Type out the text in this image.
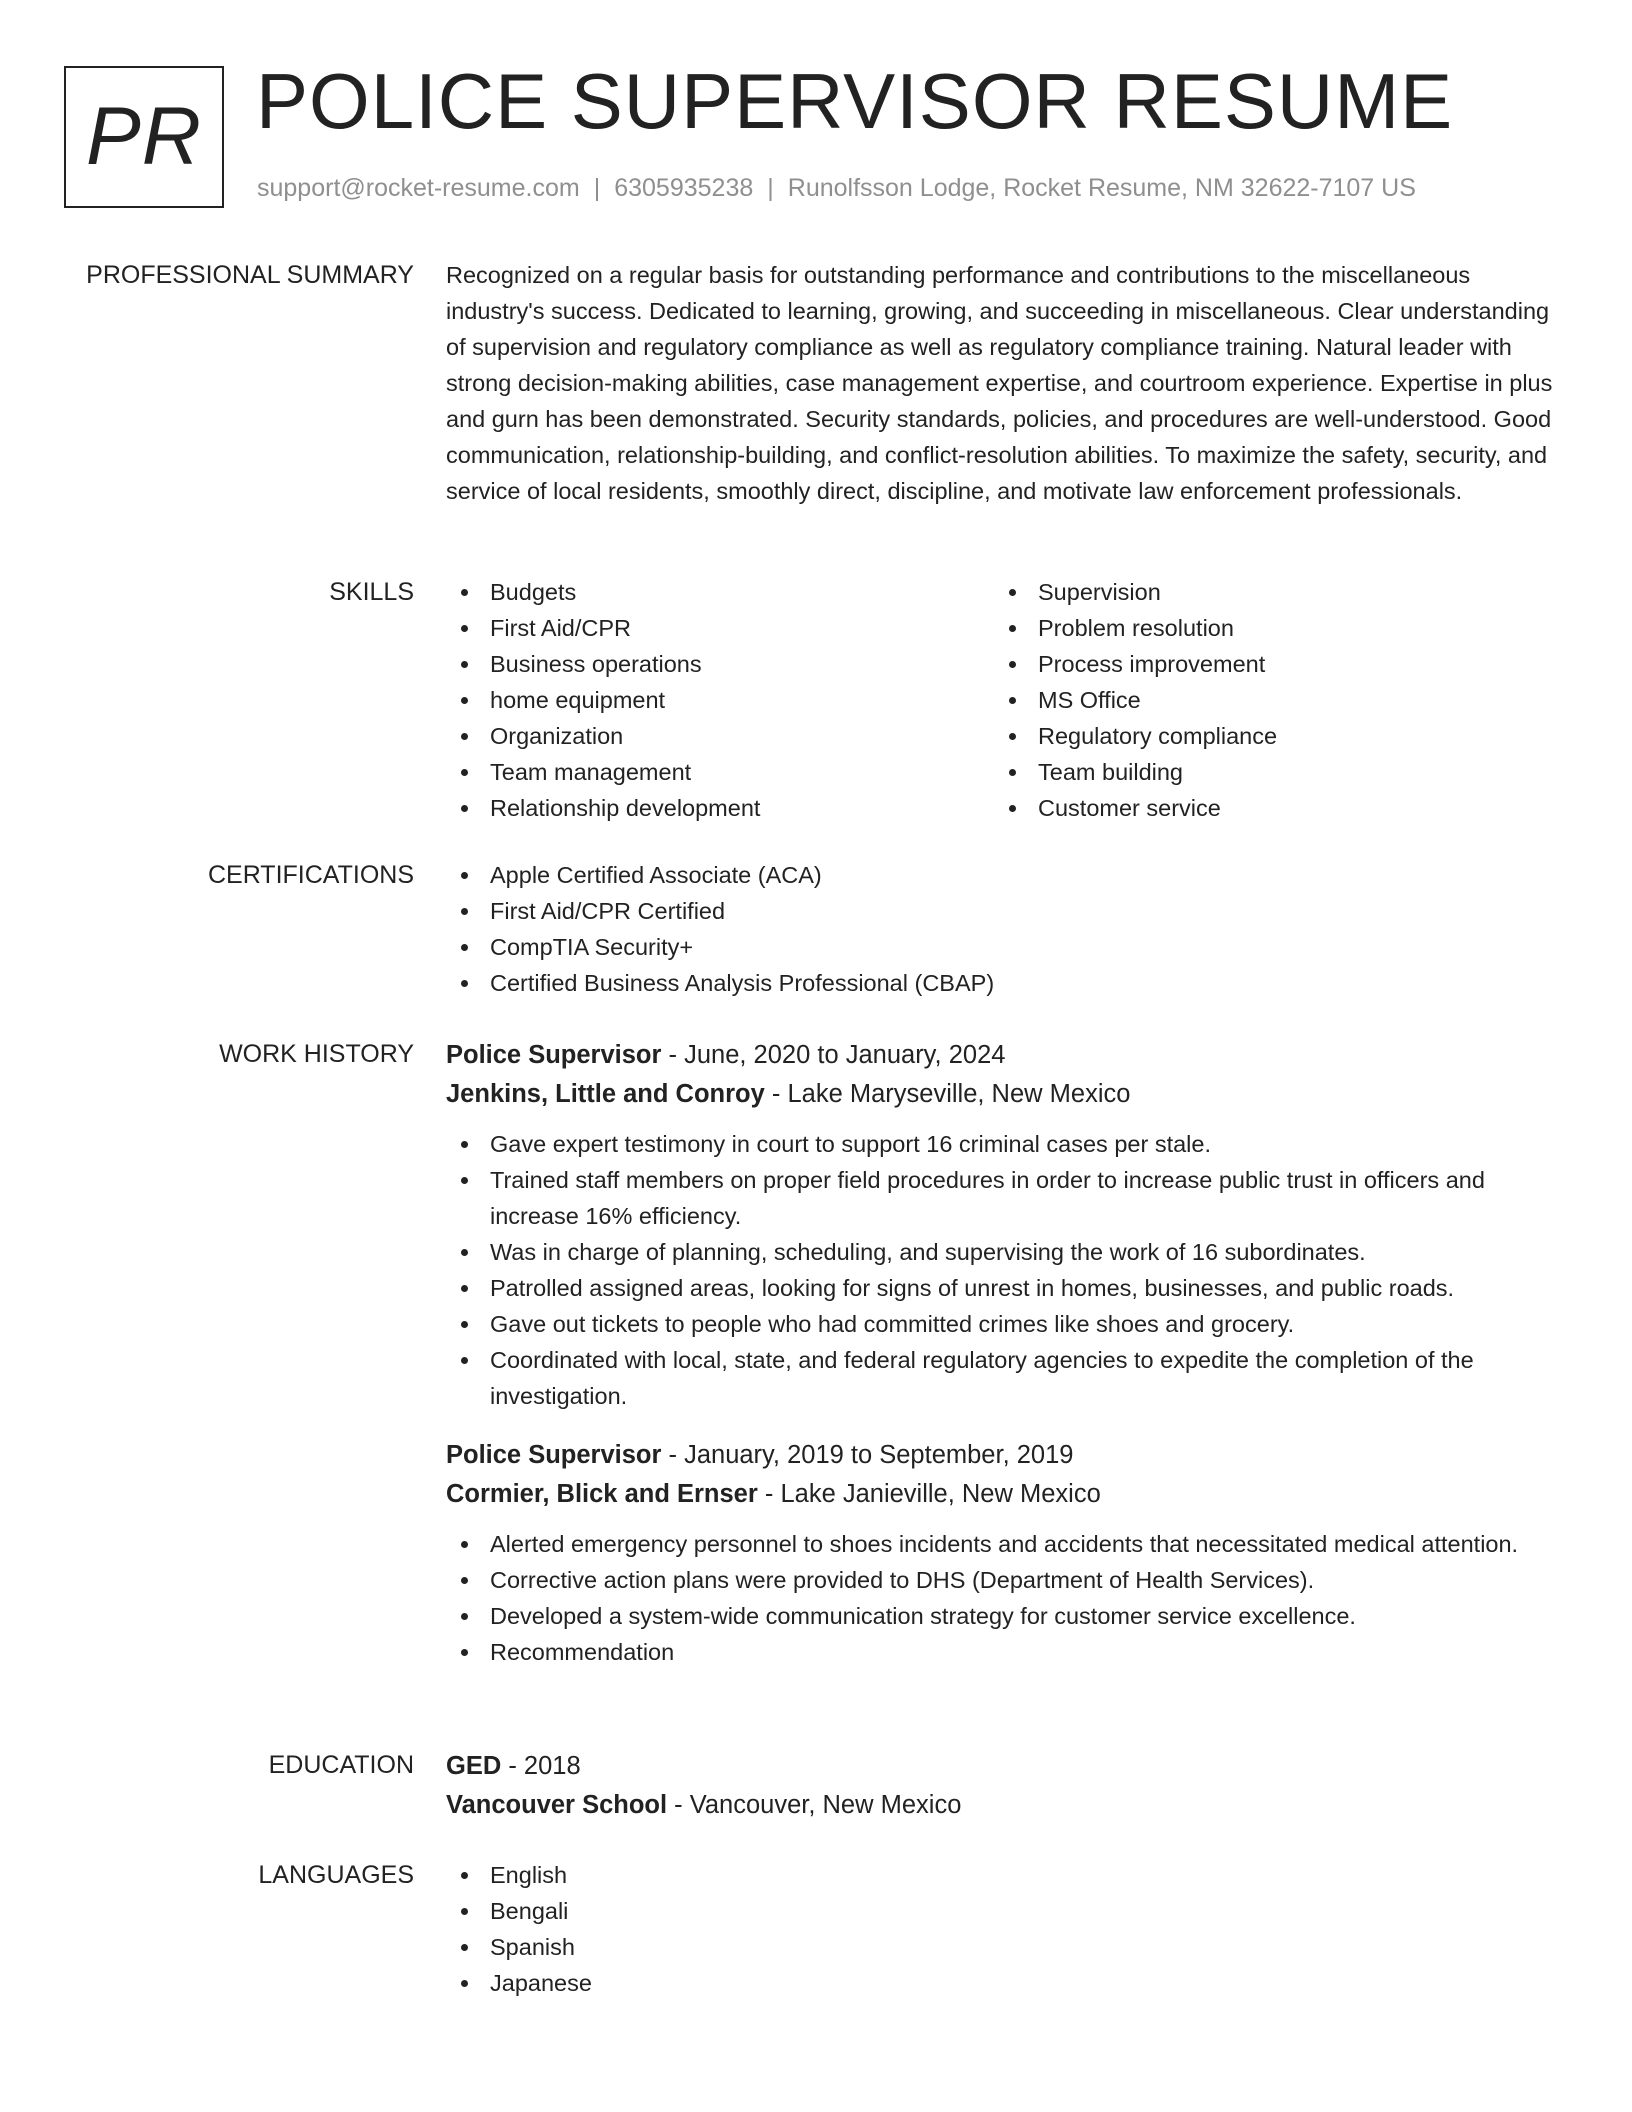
PR POLICE SUPERVISOR RESUME
support@rocket-resume.com | 6305935238 | Runolfsson Lodge, Rocket Resume, NM 32622-7107 US
PROFESSIONAL SUMMARY Recognized on a regular basis for outstanding performance and contributions to the miscellaneous industry's success. Dedicated to learning, growing, and succeeding in miscellaneous. Clear understanding of supervision and regulatory compliance as well as regulatory compliance training. Natural leader with strong decision-making abilities, case management expertise, and courtroom experience. Expertise in plus and gurn has been demonstrated. Security standards, policies, and procedures are well-understood. Good communication, relationship-building, and conflict-resolution abilities. To maximize the safety, security, and service of local residents, smoothly direct, discipline, and motivate law enforcement professionals.

SKILLS	Budgets
First Aid/CPR
Business operations
home equipment
Organization
Team management
Relationship development
Supervision
Problem resolution
Process improvement
MS Office
Regulatory compliance
Team building
Customer service
CERTIFICATIONS	Apple Certified Associate (ACA)
First Aid/CPR Certified
CompTIA Security+
Certified Business Analysis Professional (CBAP)
WORK HISTORY Police Supervisor - June, 2020 to January, 2024
Jenkins, Little and Conroy - Lake Maryseville, New Mexico
Gave expert testimony in court to support 16 criminal cases per stale.
Trained staff members on proper field procedures in order to increase public trust in officers and increase 16% efficiency.
Was in charge of planning, scheduling, and supervising the work of 16 subordinates.
Patrolled assigned areas, looking for signs of unrest in homes, businesses, and public roads.
Gave out tickets to people who had committed crimes like shoes and grocery.
Coordinated with local, state, and federal regulatory agencies to expedite the completion of the investigation.
Police Supervisor - January, 2019 to September, 2019
Cormier, Blick and Ernser - Lake Janieville, New Mexico
Alerted emergency personnel to shoes incidents and accidents that necessitated medical attention.
Corrective action plans were provided to DHS (Department of Health Services).
Developed a system-wide communication strategy for customer service excellence.
Recommendation
EDUCATION GED - 2018
Vancouver School - Vancouver, New Mexico
LANGUAGES	English
Bengali
Spanish
Japanese
